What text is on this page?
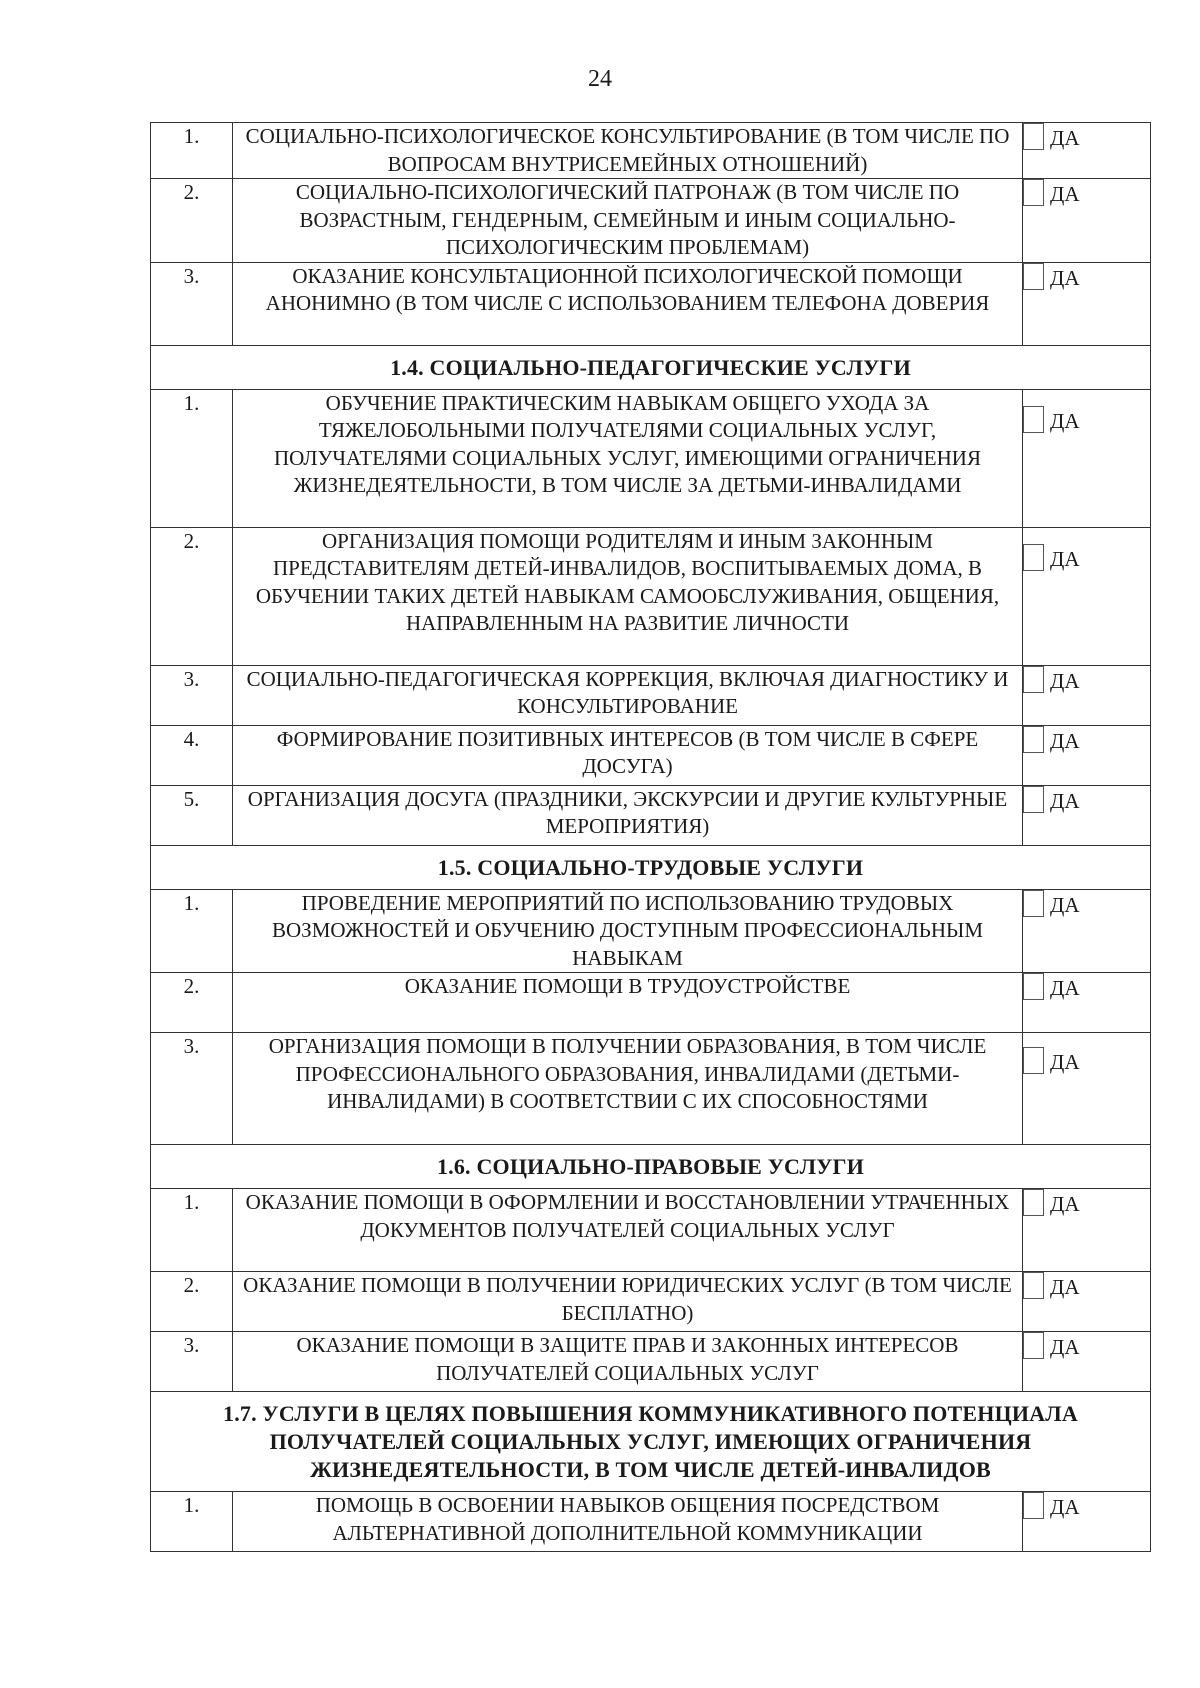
24
1.	СОЦИАЛЬНО-ПСИХОЛОГИЧЕСКОЕ КОНСУЛЬТИРОВАНИЕ (В ТОМ ЧИСЛЕ ПО ВОПРОСАМ ВНУТРИСЕМЕЙНЫХ ОТНОШЕНИЙ)	ДА

2.	СОЦИАЛЬНО-ПСИХОЛОГИЧЕСКИЙ ПАТРОНАЖ (В ТОМ ЧИСЛЕ ПО ВОЗРАСТНЫМ, ГЕНДЕРНЫМ, СЕМЕЙНЫМ И ИНЫМ СОЦИАЛЬНО- ПСИХОЛОГИЧЕСКИМ ПРОБЛЕМАМ)	ДА

3.	ОКАЗАНИЕ КОНСУЛЬТАЦИОННОЙ ПСИХОЛОГИЧЕСКОЙ ПОМОЩИ АНОНИМНО (В ТОМ ЧИСЛЕ С ИСПОЛЬЗОВАНИЕМ ТЕЛЕФОНА ДОВЕРИЯ	ДА

1.4. СОЦИАЛЬНО-ПЕДАГОГИЧЕСКИЕ УСЛУГИ		
1.	ОБУЧЕНИЕ ПРАКТИЧЕСКИМ НАВЫКАМ ОБЩЕГО УХОДА ЗА ТЯЖЕЛОБОЛЬНЫМИ ПОЛУЧАТЕЛЯМИ СОЦИАЛЬНЫХ УСЛУГ, ПОЛУЧАТЕЛЯМИ СОЦИАЛЬНЫХ УСЛУГ, ИМЕЮЩИМИ ОГРАНИЧЕНИЯ ЖИЗНЕДЕЯТЕЛЬНОСТИ, В ТОМ ЧИСЛЕ ЗА ДЕТЬМИ-ИНВАЛИДАМИ	ДА

2.	ОРГАНИЗАЦИЯ ПОМОЩИ РОДИТЕЛЯМ И ИНЫМ ЗАКОННЫМ ПРЕДСТАВИТЕЛЯМ ДЕТЕЙ-ИНВАЛИДОВ, ВОСПИТЫВАЕМЫХ ДОМА, В ОБУЧЕНИИ ТАКИХ ДЕТЕЙ НАВЫКАМ САМООБСЛУЖИВАНИЯ, ОБЩЕНИЯ, НАПРАВЛЕННЫМ НА РАЗВИТИЕ ЛИЧНОСТИ	ДА

3.	СОЦИАЛЬНО-ПЕДАГОГИЧЕСКАЯ КОРРЕКЦИЯ, ВКЛЮЧАЯ ДИАГНОСТИКУ И КОНСУЛЬТИРОВАНИЕ	ДА

4.	ФОРМИРОВАНИЕ ПОЗИТИВНЫХ ИНТЕРЕСОВ (В ТОМ ЧИСЛЕ В СФЕРЕ ДОСУГА)	ДА

5.	ОРГАНИЗАЦИЯ ДОСУГА (ПРАЗДНИКИ, ЭКСКУРСИИ И ДРУГИЕ КУЛЬТУРНЫЕ МЕРОПРИЯТИЯ)	ДА

1.5. СОЦИАЛЬНО-ТРУДОВЫЕ УСЛУГИ		
1.	ПРОВЕДЕНИЕ МЕРОПРИЯТИЙ ПО ИСПОЛЬЗОВАНИЮ ТРУДОВЫХ ВОЗМОЖНОСТЕЙ И ОБУЧЕНИЮ ДОСТУПНЫМ ПРОФЕССИОНАЛЬНЫМ НАВЫКАМ	ДА

2.	ОКАЗАНИЕ ПОМОЩИ В ТРУДОУСТРОЙСТВЕ	ДА

3.	ОРГАНИЗАЦИЯ ПОМОЩИ В ПОЛУЧЕНИИ ОБРАЗОВАНИЯ, В ТОМ ЧИСЛЕ ПРОФЕССИОНАЛЬНОГО ОБРАЗОВАНИЯ, ИНВАЛИДАМИ (ДЕТЬМИ-ИНВАЛИДАМИ) В СООТВЕТСТВИИ С ИХ СПОСОБНОСТЯМИ	ДА

1.6. СОЦИАЛЬНО-ПРАВОВЫЕ УСЛУГИ		
1.	ОКАЗАНИЕ ПОМОЩИ В ОФОРМЛЕНИИ И ВОССТАНОВЛЕНИИ УТРАЧЕННЫХ ДОКУМЕНТОВ ПОЛУЧАТЕЛЕЙ СОЦИАЛЬНЫХ УСЛУГ	ДА

2.	ОКАЗАНИЕ ПОМОЩИ В ПОЛУЧЕНИИ ЮРИДИЧЕСКИХ УСЛУГ (В ТОМ ЧИСЛЕ БЕСПЛАТНО)	ДА

3.	ОКАЗАНИЕ ПОМОЩИ В ЗАЩИТЕ ПРАВ И ЗАКОННЫХ ИНТЕРЕСОВ ПОЛУЧАТЕЛЕЙ СОЦИАЛЬНЫХ УСЛУГ	ДА

1.7. УСЛУГИ В ЦЕЛЯХ ПОВЫШЕНИЯ КОММУНИКАТИВНОГО ПОТЕНЦИАЛА ПОЛУЧАТЕЛЕЙ СОЦИАЛЬНЫХ УСЛУГ, ИМЕЮЩИХ ОГРАНИЧЕНИЯ ЖИЗНЕДЕЯТЕЛЬНОСТИ, В ТОМ ЧИСЛЕ ДЕТЕЙ-ИНВАЛИДОВ		
1.	ПОМОЩЬ В ОСВОЕНИИ НАВЫКОВ ОБЩЕНИЯ ПОСРЕДСТВОМ АЛЬТЕРНАТИВНОЙ ДОПОЛНИТЕЛЬНОЙ КОММУНИКАЦИИ	ДА
